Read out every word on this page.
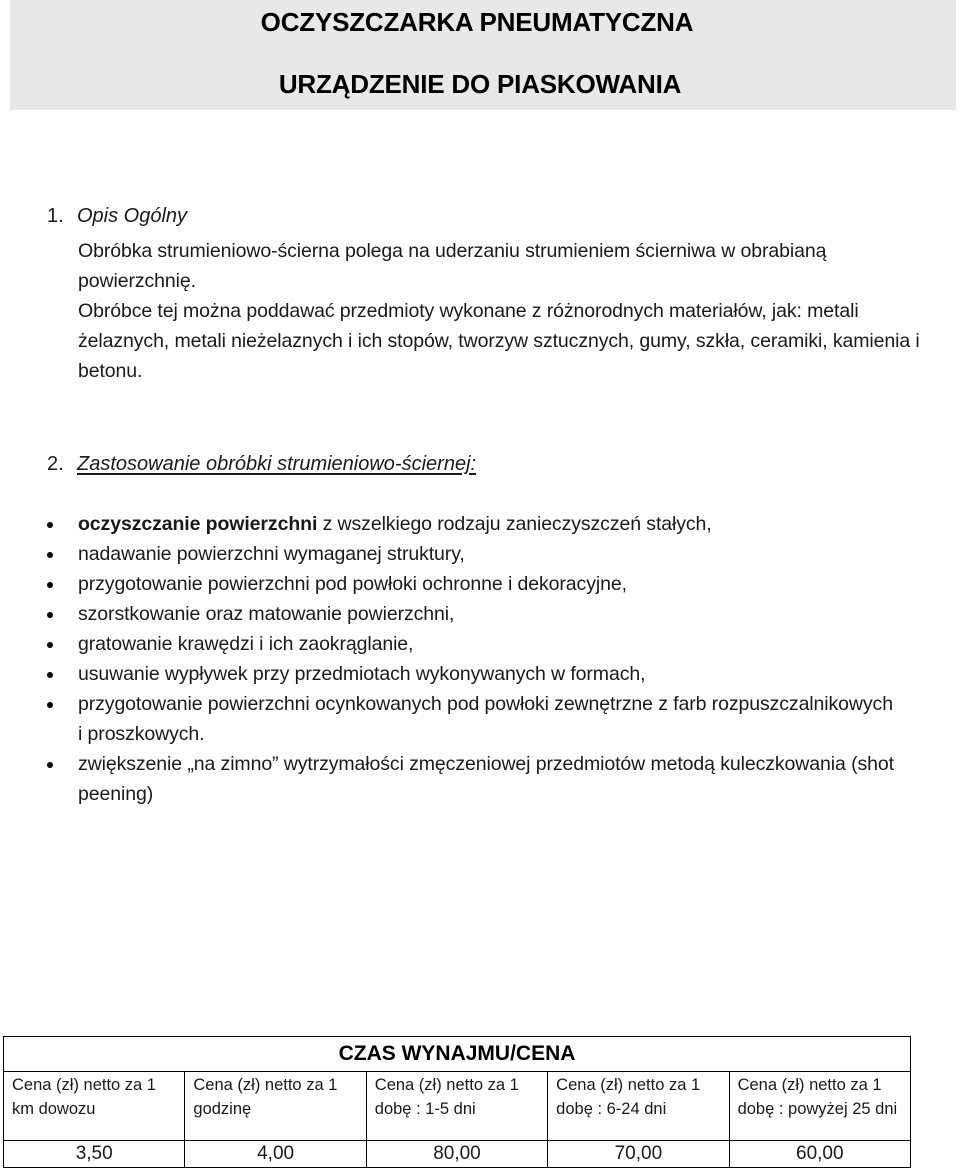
OCZYSZCZARKA PNEUMATYCZNA
URZĄDZENIE DO PIASKOWANIA
1. Opis Ogólny
Obróbka strumieniowo-ścierna polega na uderzaniu strumieniem ścierniwa w obrabianą powierzchnię.
Obróbce tej można poddawać przedmioty wykonane z różnorodnych materiałów, jak: metali żelaznych, metali nieżelaznych i ich stopów, tworzyw sztucznych, gumy, szkła, ceramiki, kamienia i betonu.
2. Zastosowanie obróbki strumieniowo-ściernej:
oczyszczanie powierzchni z wszelkiego rodzaju zanieczyszczeń stałych,
nadawanie powierzchni wymaganej struktury,
przygotowanie powierzchni pod powłoki ochronne i dekoracyjne,
szorstkowanie oraz matowanie powierzchni,
gratowanie krawędzi i ich zaokrąglanie,
usuwanie wypływek przy przedmiotach wykonywanych w formach,
przygotowanie powierzchni ocynkowanych pod powłoki zewnętrzne z farb rozpuszczalnikowych i proszkowych.
zwiększenie „na zimno” wytrzymałości zmęczeniowej przedmiotów metodą kuleczkowania (shot peening)
CZAS WYNAJMU/CENA				
Cena (zł) netto za 1 km dowozu	Cena (zł) netto za 1 godzinę	Cena (zł) netto za 1 dobę : 1-5 dni	Cena (zł) netto za 1 dobę : 6-24 dni	Cena (zł) netto za 1 dobę : powyżej 25 dni
3,50	4,00	80,00	70,00	60,00
